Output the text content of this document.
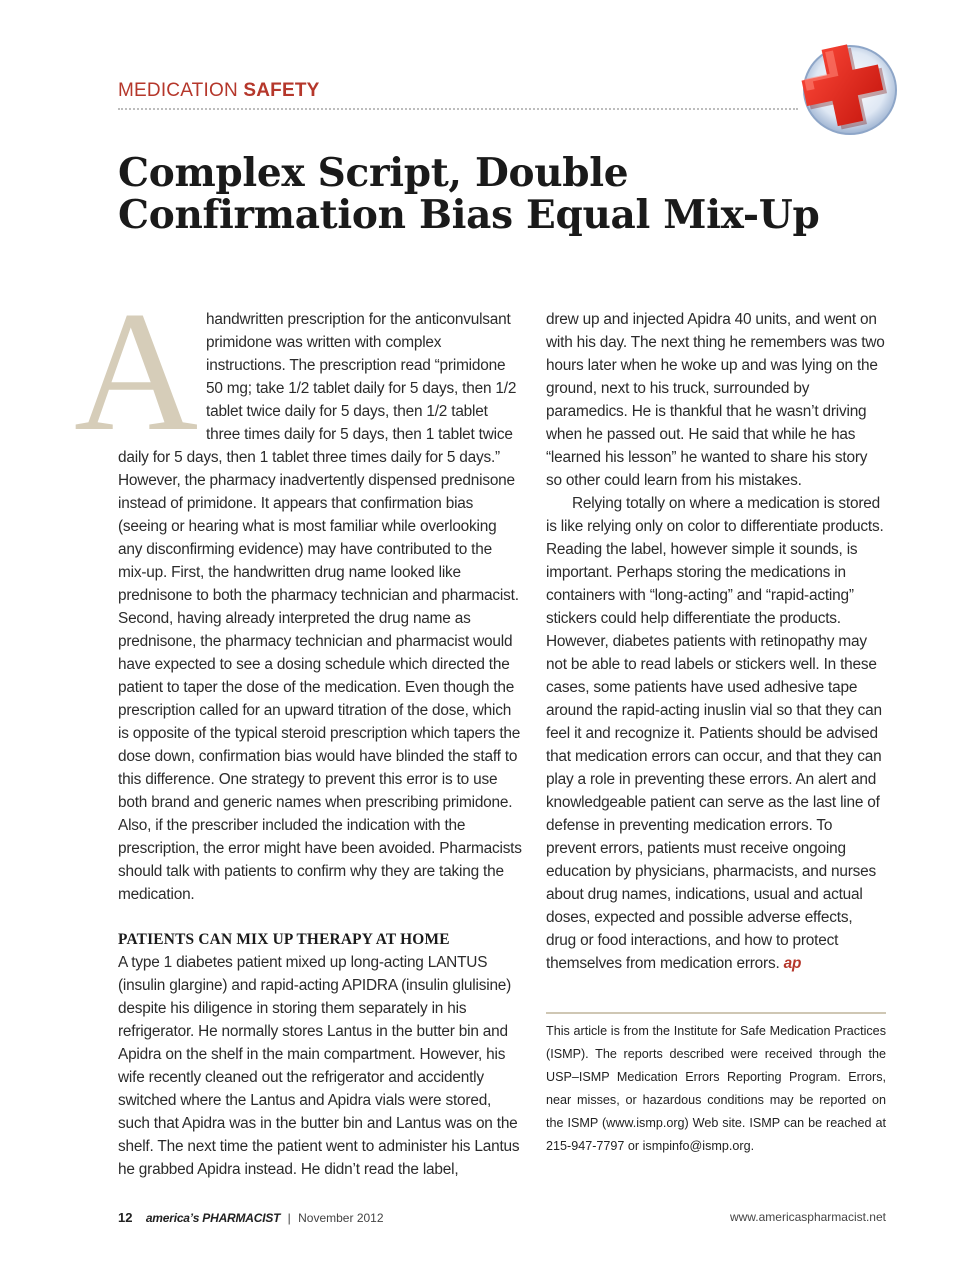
MEDICATION SAFETY
Complex Script, Double Confirmation Bias Equal Mix-Up

Ahandwritten prescription for the anticonvulsant primidone was written with complex instructions. The prescription read “primidone 50 mg; take 1/2 tablet daily for 5 days, then 1/2 tablet twice daily for 5 days, then 1/2 tablet three times daily for 5 days, then 1 tablet twice daily for 5 days, then 1 tablet three times daily for 5 days.” However, the pharmacy inadvertently dispensed prednisone instead of primidone. It appears that confirmation bias (seeing or hearing what is most familiar while overlooking any disconfirming evidence) may have contributed to the mix-up. First, the handwritten drug name looked like prednisone to both the pharmacy technician and pharmacist. Second, having already interpreted the drug name as prednisone, the pharmacy technician and pharmacist would have expected to see a dosing schedule which directed the patient to taper the dose of the medication. Even though the prescription called for an upward titration of the dose, which is opposite of the typical steroid prescription which tapers the dose down, confirmation bias would have blinded the staff to this difference. One strategy to prevent this error is to use both brand and generic names when prescribing primidone. Also, if the prescriber included the indication with the prescription, the error might have been avoided. Pharmacists should talk with patients to confirm why they are taking the medication.

PATIENTS CAN MIX UP THERAPY AT HOME

A type 1 diabetes patient mixed up long-acting LANTUS (insulin glargine) and rapid-acting APIDRA (insulin glulisine) despite his diligence in storing them separately in his refrigerator. He normally stores Lantus in the butter bin and Apidra on the shelf in the main compartment. However, his wife recently cleaned out the refrigerator and accidently switched where the Lantus and Apidra vials were stored, such that Apidra was in the butter bin and Lantus was on the shelf. The next time the patient went to administer his Lantus he grabbed Apidra instead. He didn’t read the label,

drew up and injected Apidra 40 units, and went on with his day. The next thing he remembers was two hours later when he woke up and was lying on the ground, next to his truck, surrounded by paramedics. He is thankful that he wasn’t driving when he passed out. He said that while he has “learned his lesson” he wanted to share his story so other could learn from his mistakes.

Relying totally on where a medication is stored is like relying only on color to differentiate products. Reading the label, however simple it sounds, is important. Perhaps storing the medications in containers with “long-acting” and “rapid-acting” stickers could help differentiate the products. However, diabetes patients with retinopathy may not be able to read labels or stickers well. In these cases, some patients have used adhesive tape around the rapid-acting inuslin vial so that they can feel it and recognize it. Patients should be advised that medication errors can occur, and that they can play a role in preventing these errors. An alert and knowledgeable patient can serve as the last line of defense in preventing medication errors. To prevent errors, patients must receive ongoing education by physicians, pharmacists, and nurses about drug names, indications, usual and actual doses, expected and possible adverse effects, drug or food interactions, and how to protect themselves from medication errors. ap

This article is from the Institute for Safe Medication Practices (ISMP). The reports described were received through the USP–ISMP Medication Errors Reporting Program. Errors, near misses, or hazardous conditions may be reported on the ISMP (www.ismp.org) Web site. ISMP can be reached at 215-947-7797 or ismpinfo@ismp.org.
12 america’s PHARMACIST | November 2012	www.americaspharmacist.net
